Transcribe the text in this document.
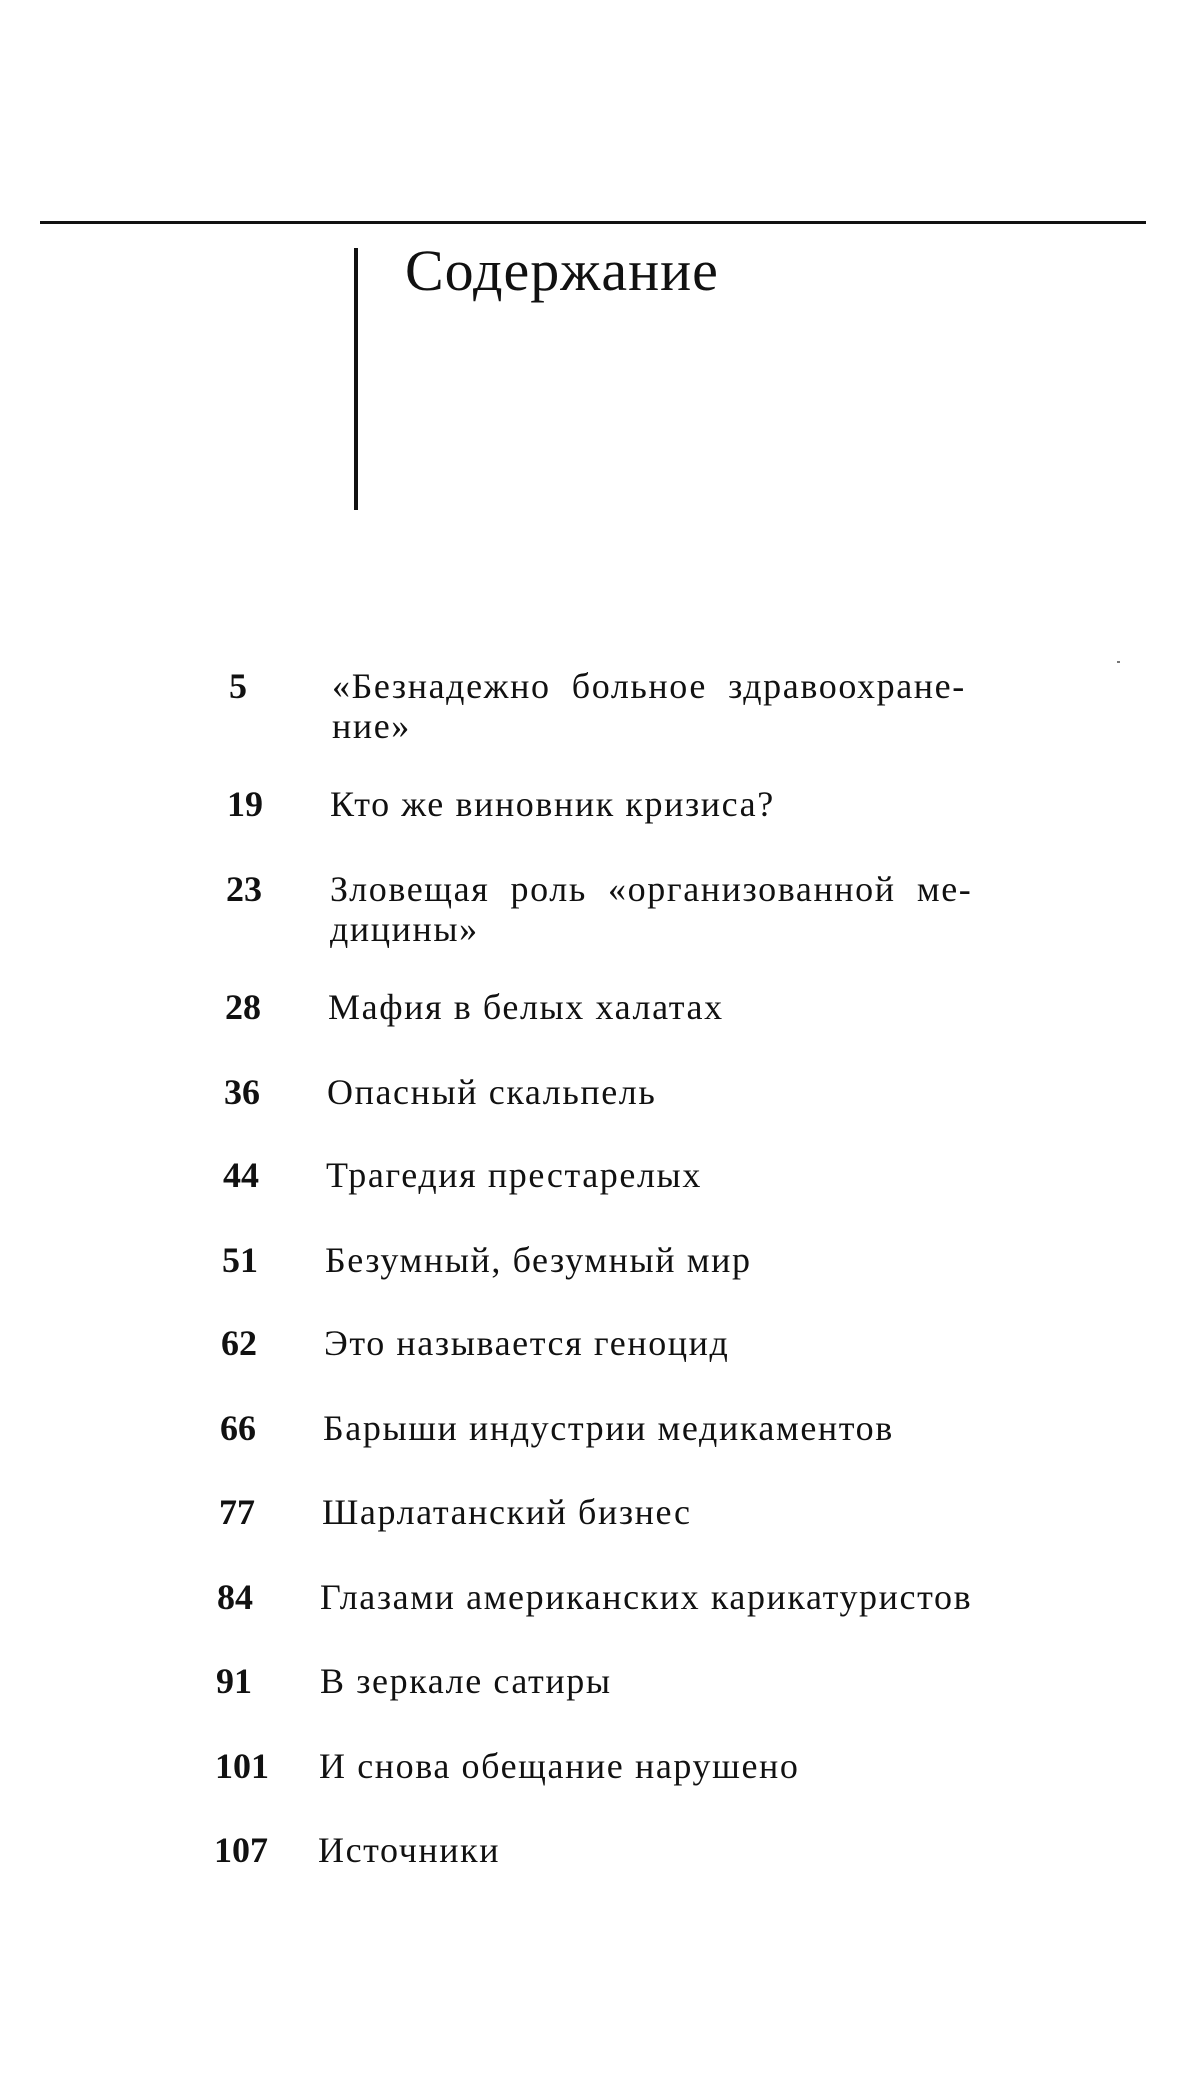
Содержание
5	«Безнадежно  больное  здравоохране-
ние»
19	Кто же виновник кризиса?
23	Зловещая  роль  «организованной  ме-
дицины»
28	Мафия в белых халатах
36	Опасный скальпель
44	Трагедия престарелых
51	Безумный, безумный мир
62	Это называется геноцид
66	Барыши индустрии медикаментов
77	Шарлатанский бизнес
84	Глазами американских карикатуристов
91	В зеркале сатиры
101	И снова обещание нарушено
107	Источники
